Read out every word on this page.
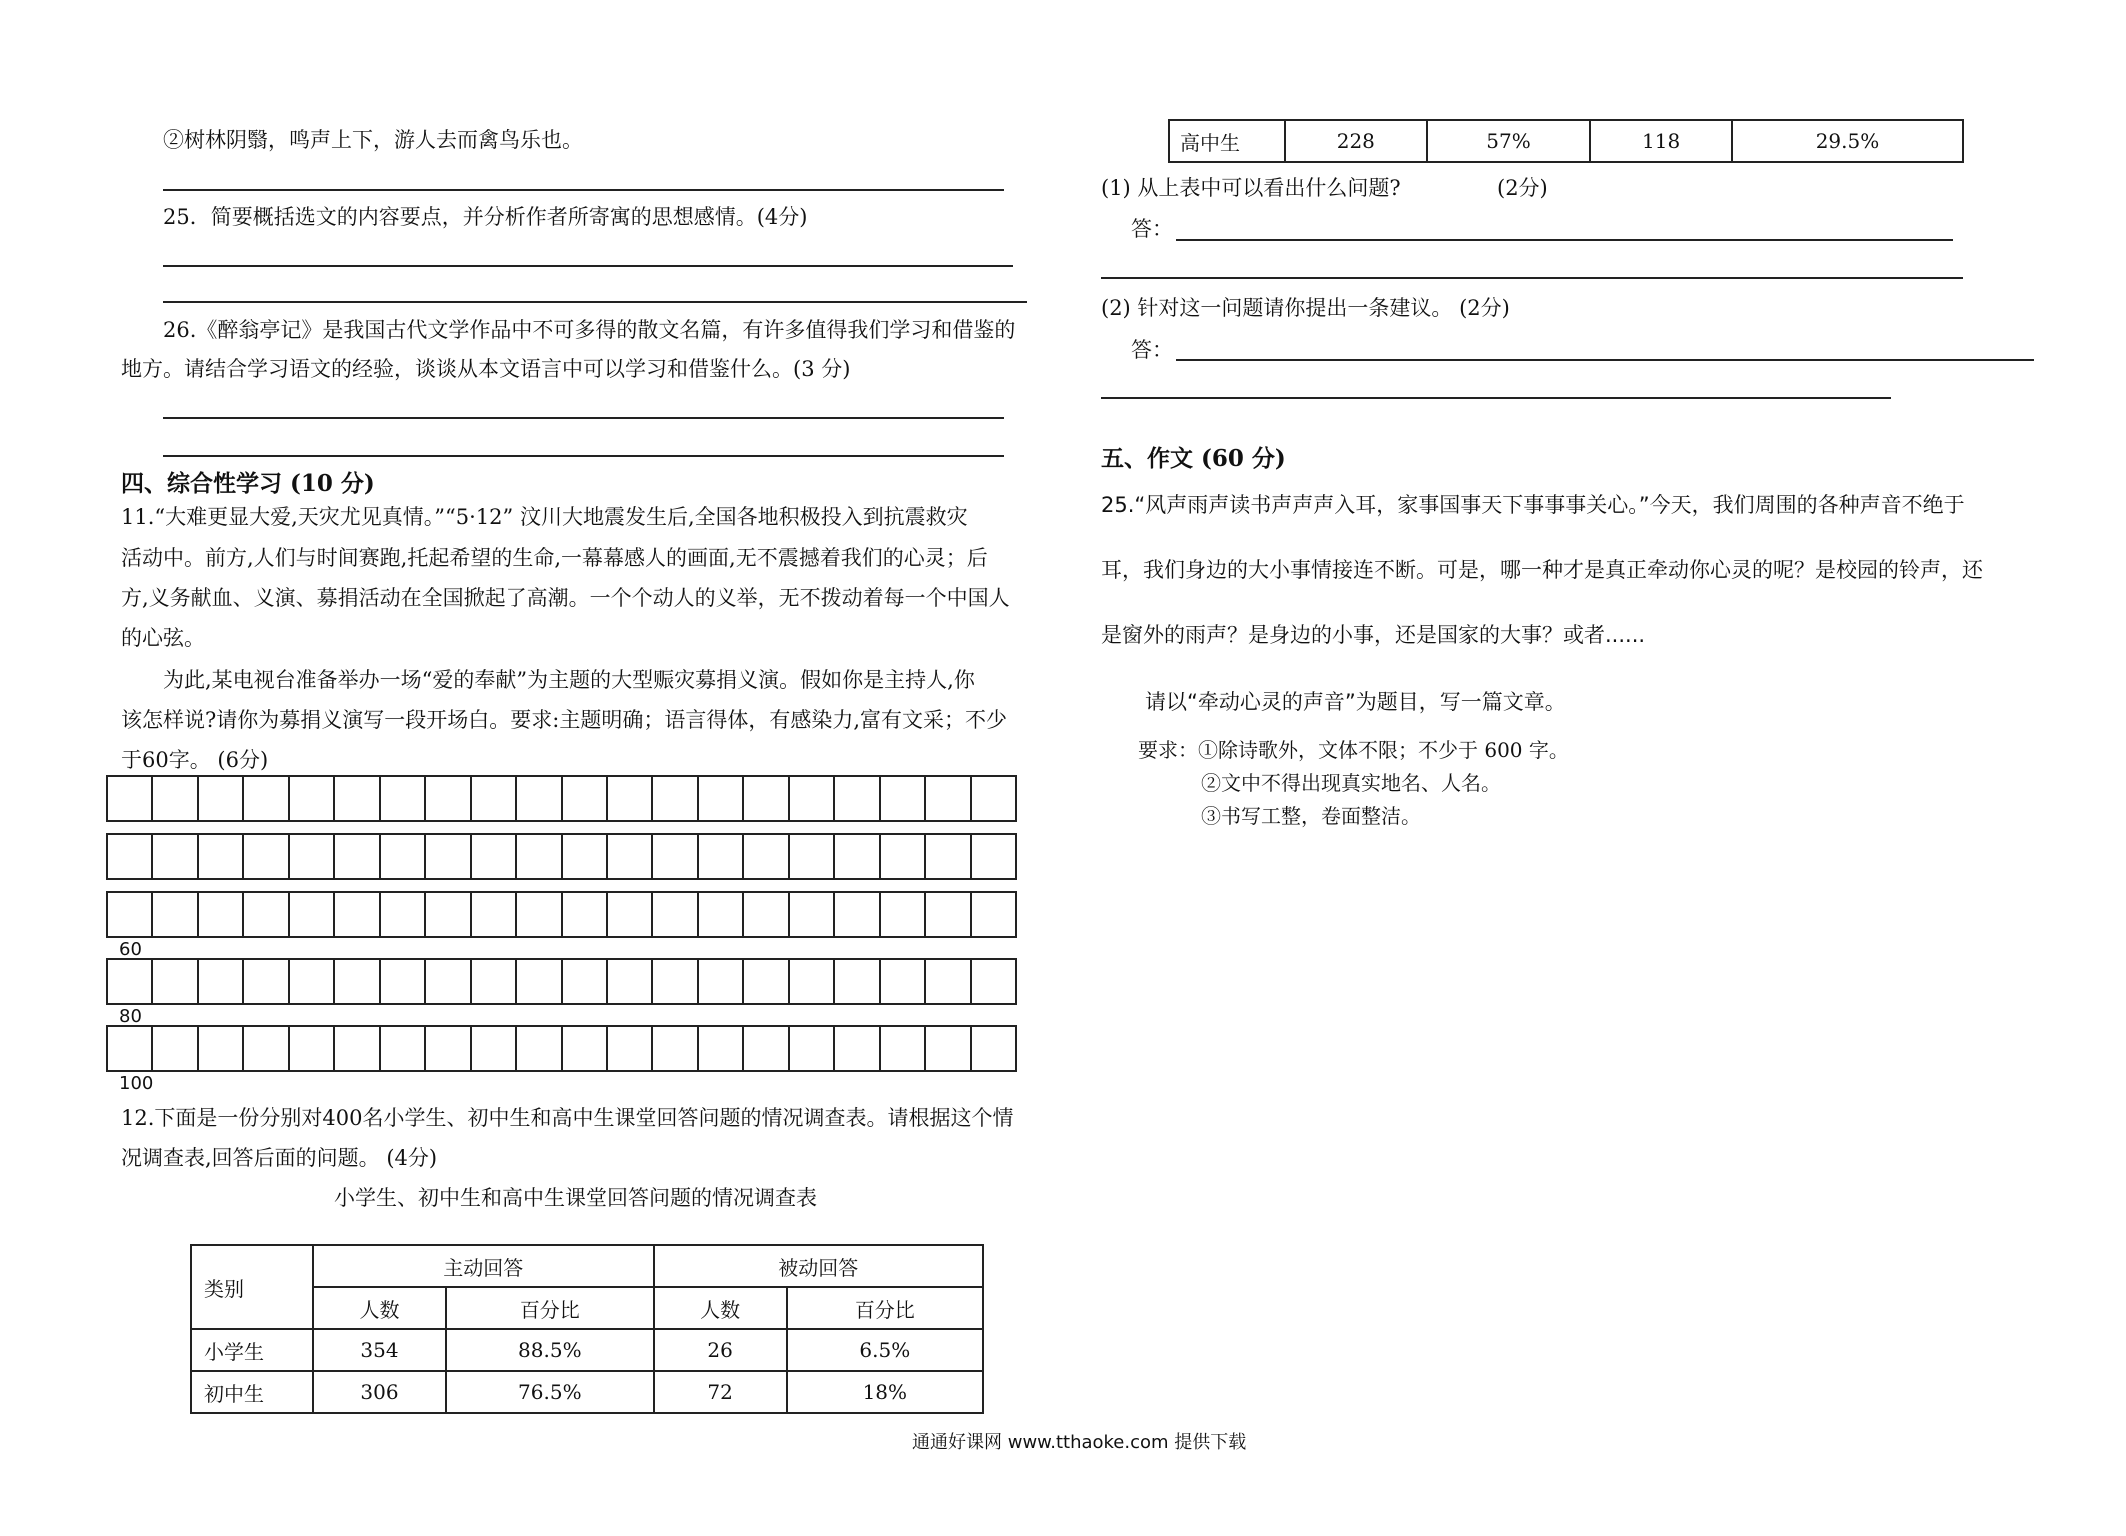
②树林阴翳，鸣声上下，游人去而禽鸟乐也。
25．简要概括选文的内容要点，并分析作者所寄寓的思想感情。(4分)
26.《醉翁亭记》是我国古代文学作品中不可多得的散文名篇，有许多值得我们学习和借鉴的
地方。请结合学习语文的经验，谈谈从本文语言中可以学习和借鉴什么。(3 分)
四、综合性学习 (10 分)
11.“大难更显大爱,天灾尤见真情。”“5·12” 汶川大地震发生后,全国各地积极投入到抗震救灾
活动中。前方,人们与时间赛跑,托起希望的生命,一幕幕感人的画面,无不震撼着我们的心灵；后
方,义务献血、义演、募捐活动在全国掀起了高潮。一个个动人的义举，无不拨动着每一个中国人
的心弦。
为此,某电视台准备举办一场“爱的奉献”为主题的大型赈灾募捐义演。假如你是主持人,你
该怎样说?请你为募捐义演写一段开场白。要求:主题明确；语言得体，有感染力,富有文采；不少
于60字。 (6分)
60
80
100
12.下面是一份分别对400名小学生、初中生和高中生课堂回答问题的情况调查表。请根据这个情
况调查表,回答后面的问题。 (4分)
小学生、初中生和高中生课堂回答问题的情况调查表
类别	主动回答		被动回答	
	人数	百分比	人数	百分比
小学生	354	88.5%	26	6.5%
初中生	306	76.5%	72	18%
高中生	228	57%	118	29.5%
(1) 从上表中可以看出什么问题?	(2分)
答：
(2) 针对这一问题请你提出一条建议。 (2分)
答：
五、作文 (60 分)
25.“风声雨声读书声声声入耳，家事国事天下事事事关心。”今天，我们周围的各种声音不绝于
耳，我们身边的大小事情接连不断。可是，哪一种才是真正牵动你心灵的呢？是校园的铃声，还
是窗外的雨声？是身边的小事，还是国家的大事？或者......
请以“牵动心灵的声音”为题目，写一篇文章。
要求：①除诗歌外，文体不限；不少于 600 字。
②文中不得出现真实地名、人名。
③书写工整，卷面整洁。
通通好课网 www.tthaoke.com 提供下载
